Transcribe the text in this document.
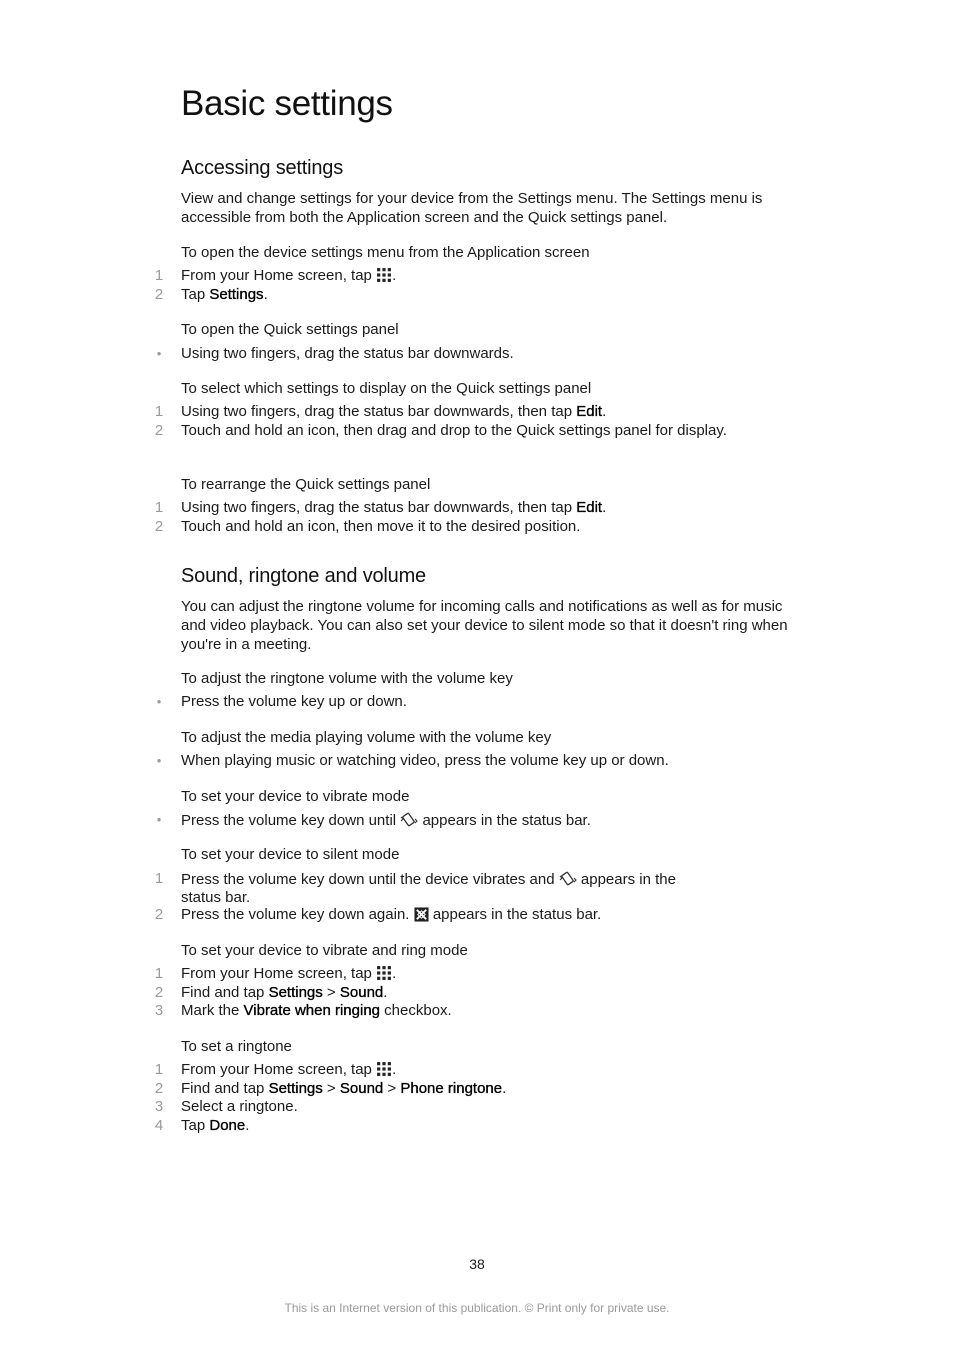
Basic settings
Accessing settings

View and change settings for your device from the Settings menu. The Settings menu is accessible from both the Application screen and the Quick settings panel.

To open the device settings menu from the Application screen

1 From your Home screen, tap .
2 Tap Settings.

To open the Quick settings panel

•	Using two fingers, drag the status bar downwards.

To select which settings to display on the Quick settings panel

1 Using two fingers, drag the status bar downwards, then tap Edit.
2 Touch and hold an icon, then drag and drop to the Quick settings panel for display.

To rearrange the Quick settings panel

1 Using two fingers, drag the status bar downwards, then tap Edit.
2 Touch and hold an icon, then move it to the desired position.
Sound, ringtone and volume

You can adjust the ringtone volume for incoming calls and notifications as well as for music and video playback. You can also set your device to silent mode so that it doesn't ring when you're in a meeting.

To adjust the ringtone volume with the volume key

•	Press the volume key up or down.

To adjust the media playing volume with the volume key

•	When playing music or watching video, press the volume key up or down.

To set your device to vibrate mode

•	Press the volume key down until appears in the status bar.

To set your device to silent mode

1 Press the volume key down until the device vibrates and appears in the
status bar.
2 Press the volume key down again. appears in the status bar.

To set your device to vibrate and ring mode

1 From your Home screen, tap .
2 Find and tap Settings > Sound.
3 Mark the Vibrate when ringing checkbox.

To set a ringtone

1 From your Home screen, tap .
2 Find and tap Settings > Sound > Phone ringtone.
3 Select a ringtone.
4 Tap Done.
38
This is an Internet version of this publication. © Print only for private use.
